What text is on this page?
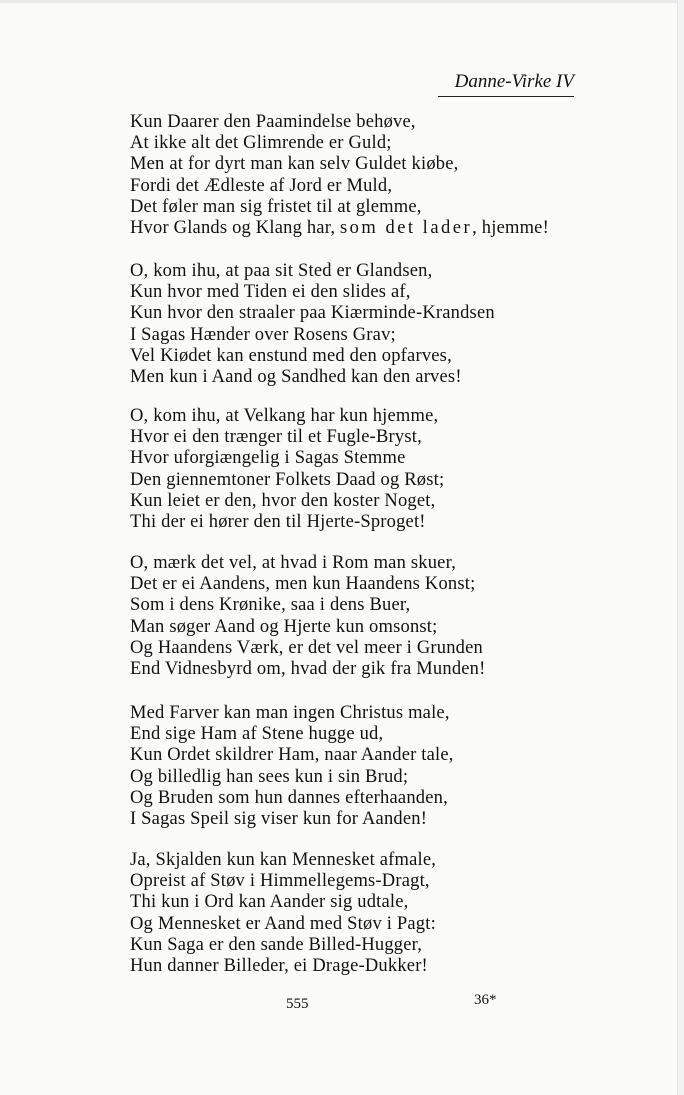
Danne-Virke IV
Kun Daarer den Paamindelse behøve,
At ikke alt det Glimrende er Guld;
Men at for dyrt man kan selv Guldet kiøbe,
Fordi det Ædleste af Jord er Muld,
Det føler man sig fristet til at glemme,
Hvor Glands og Klang har, som det lader, hjemme!
O, kom ihu, at paa sit Sted er Glandsen,
Kun hvor med Tiden ei den slides af,
Kun hvor den straaler paa Kiærminde-Krandsen
I Sagas Hænder over Rosens Grav;
Vel Kiødet kan enstund med den opfarves,
Men kun i Aand og Sandhed kan den arves!
O, kom ihu, at Velkang har kun hjemme,
Hvor ei den trænger til et Fugle-Bryst,
Hvor uforgiængelig i Sagas Stemme
Den giennemtoner Folkets Daad og Røst;
Kun leiet er den, hvor den koster Noget,
Thi der ei hører den til Hjerte-Sproget!
O, mærk det vel, at hvad i Rom man skuer,
Det er ei Aandens, men kun Haandens Konst;
Som i dens Krønike, saa i dens Buer,
Man søger Aand og Hjerte kun omsonst;
Og Haandens Værk, er det vel meer i Grunden
End Vidnesbyrd om, hvad der gik fra Munden!
Med Farver kan man ingen Christus male,
End sige Ham af Stene hugge ud,
Kun Ordet skildrer Ham, naar Aander tale,
Og billedlig han sees kun i sin Brud;
Og Bruden som hun dannes efterhaanden,
I Sagas Speil sig viser kun for Aanden!
Ja, Skjalden kun kan Mennesket afmale,
Opreist af Støv i Himmellegems-Dragt,
Thi kun i Ord kan Aander sig udtale,
Og Mennesket er Aand med Støv i Pagt:
Kun Saga er den sande Billed-Hugger,
Hun danner Billeder, ei Drage-Dukker!
555	36*
